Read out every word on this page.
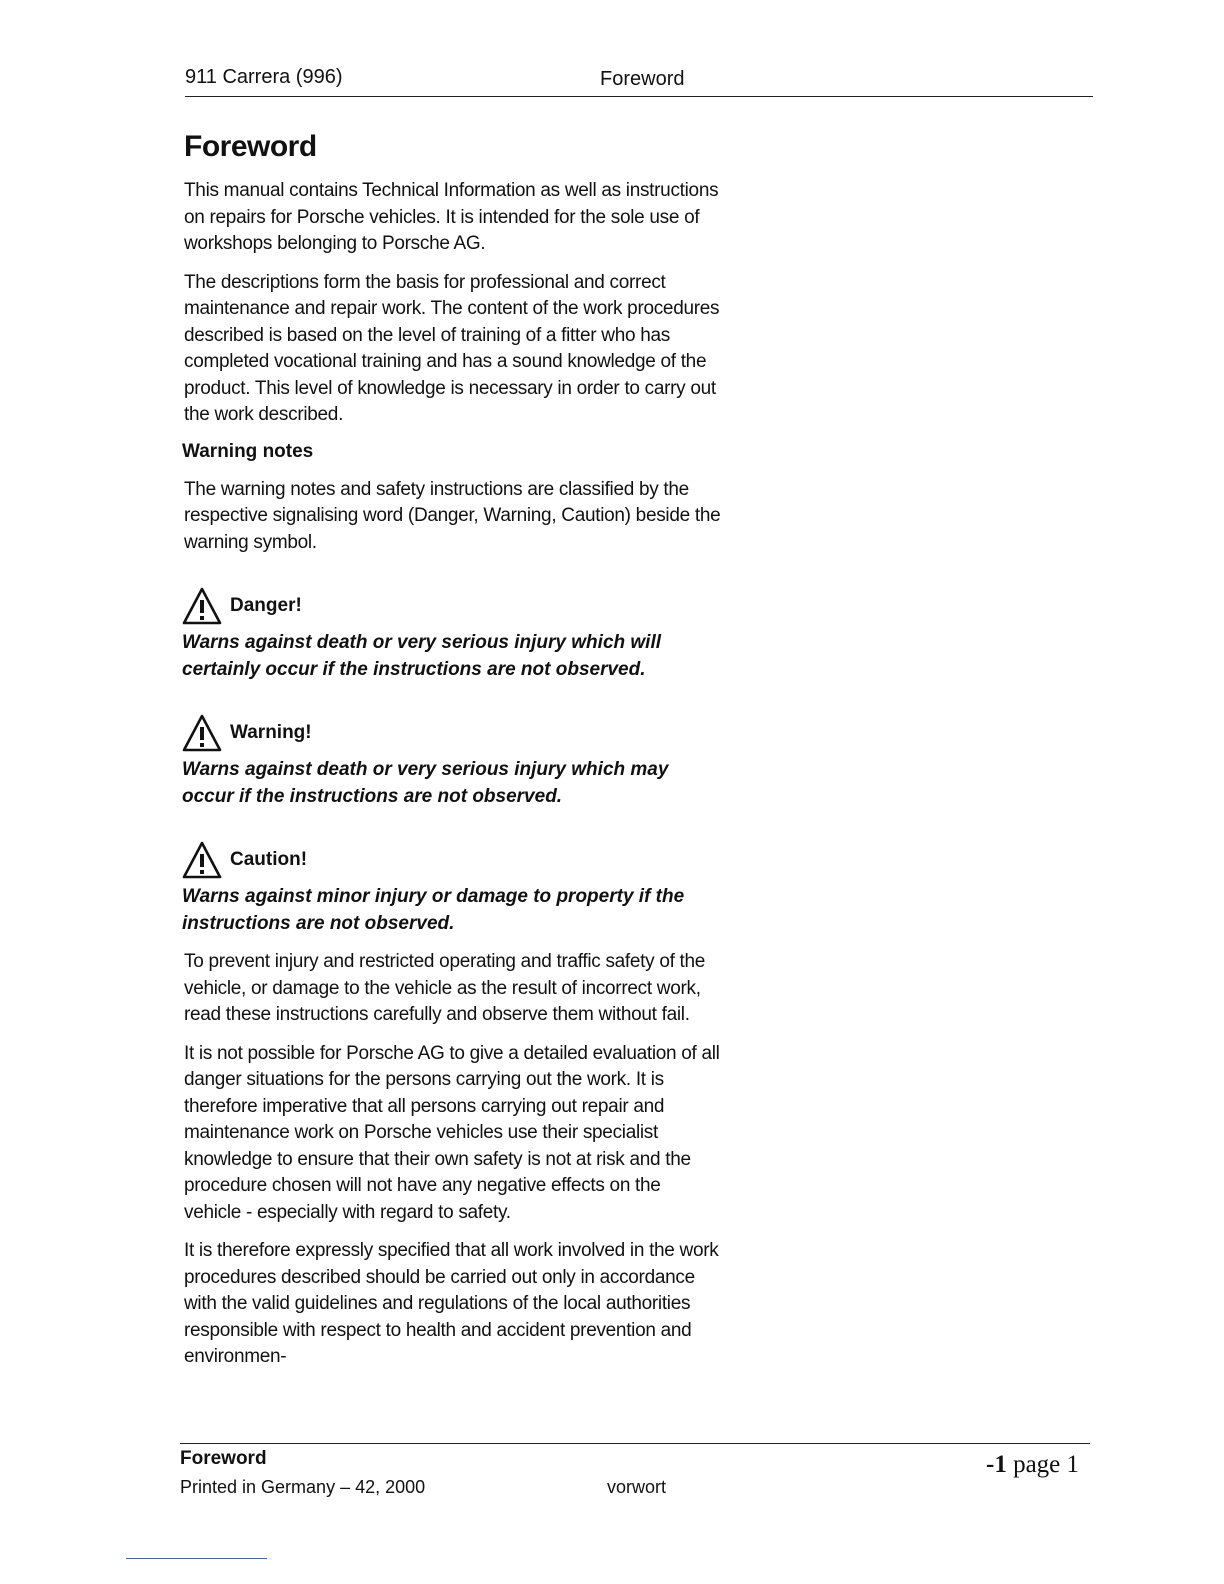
911 Carrera (996)	Foreword
Foreword

This manual contains Technical Information as well as instructions on repairs for Porsche vehicles. It is intended for the sole use of workshops belonging to Porsche AG.

The descriptions form the basis for professional and correct maintenance and repair work. The content of the work procedures described is based on the level of training of a fitter who has completed vocational training and has a sound knowledge of the product. This level of knowledge is necessary in order to carry out the work described.

Warning notes

The warning notes and safety instructions are classified by the respective signalising word (Danger, Warning, Caution) beside the warning symbol.

Danger!

Warns against death or very serious injury which will certainly occur if the instructions are not observed.

Warning!

Warns against death or very serious injury which may occur if the instructions are not observed.

Caution!

Warns against minor injury or damage to property if the instructions are not observed.

To prevent injury and restricted operating and traffic safety of the vehicle, or damage to the vehicle as the result of incorrect work, read these instructions carefully and observe them without fail.

It is not possible for Porsche AG to give a detailed evaluation of all danger situations for the persons carrying out the work. It is therefore imperative that all persons carrying out repair and maintenance work on Porsche vehicles use their specialist knowledge to ensure that their own safety is not at risk and the procedure chosen will not have any negative effects on the vehicle - especially with regard to safety.

It is therefore expressly specified that all work involved in the work procedures described should be carried out only in accordance with the valid guidelines and regulations of the local authorities responsible with respect to health and accident prevention and environmen-

Foreword
Printed in Germany – 42, 2000	vorwort
-1 page 1
